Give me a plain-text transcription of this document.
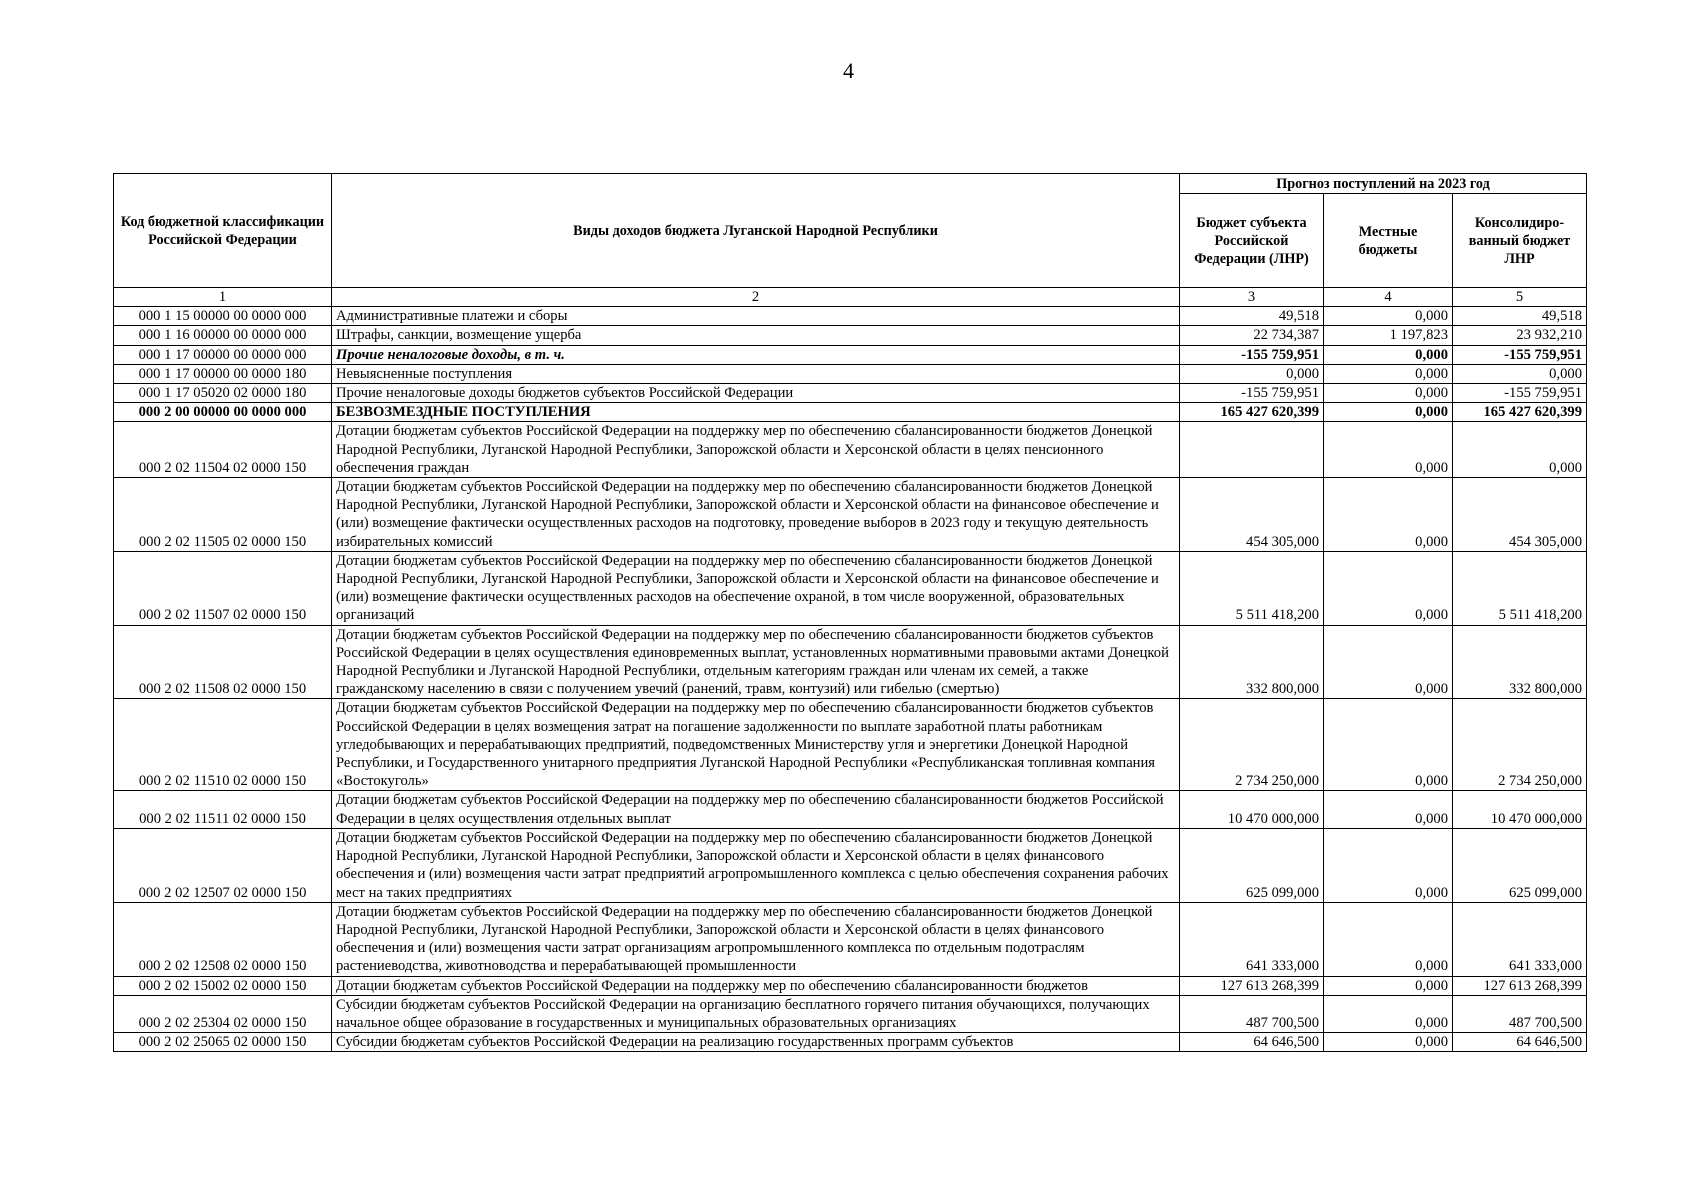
4
Код бюджетной классификации Российской Федерации	Виды доходов бюджета Луганской Народной Республики	Прогноз поступлений на 2023 год		
		Бюджет субъекта Российской Федерации (ЛНР)	Местные бюджеты	Консолидиро-ванный бюджет ЛНР
1	2	3	4	5
000 1 15 00000 00 0000 000	Административные платежи и сборы	49,518	0,000	49,518
000 1 16 00000 00 0000 000	Штрафы, санкции, возмещение ущерба	22 734,387	1 197,823	23 932,210
000 1 17 00000 00 0000 000	Прочие неналоговые доходы, в т. ч.	-155 759,951	0,000	-155 759,951
000 1 17 00000 00 0000 180	Невыясненные поступления	0,000	0,000	0,000
000 1 17 05020 02 0000 180	Прочие неналоговые доходы бюджетов субъектов Российской Федерации	-155 759,951	0,000	-155 759,951
000 2 00 00000 00 0000 000	БЕЗВОЗМЕЗДНЫЕ ПОСТУПЛЕНИЯ	165 427 620,399	0,000	165 427 620,399
000 2 02 11504 02 0000 150	Дотации бюджетам субъектов Российской Федерации на поддержку мер по обеспечению сбалансированности бюджетов Донецкой Народной Республики, Луганской Народной Республики, Запорожской области и Херсонской области в целях пенсионного обеспечения граждан		0,000	0,000
000 2 02 11505 02 0000 150	Дотации бюджетам субъектов Российской Федерации на поддержку мер по обеспечению сбалансированности бюджетов Донецкой Народной Республики, Луганской Народной Республики, Запорожской области и Херсонской области на финансовое обеспечение и (или) возмещение фактически осуществленных расходов на подготовку, проведение выборов в 2023 году и текущую деятельность избирательных комиссий	454 305,000	0,000	454 305,000
000 2 02 11507 02 0000 150	Дотации бюджетам субъектов Российской Федерации на поддержку мер по обеспечению сбалансированности бюджетов Донецкой Народной Республики, Луганской Народной Республики, Запорожской области и Херсонской области на финансовое обеспечение и (или) возмещение фактически осуществленных расходов на обеспечение охраной, в том числе вооруженной, образовательных организаций	5 511 418,200	0,000	5 511 418,200
000 2 02 11508 02 0000 150	Дотации бюджетам субъектов Российской Федерации на поддержку мер по обеспечению сбалансированности бюджетов субъектов Российской Федерации в целях осуществления единовременных выплат, установленных нормативными правовыми актами Донецкой Народной Республики и Луганской Народной Республики, отдельным категориям граждан или членам их семей, а также гражданскому населению в связи с получением увечий (ранений, травм, контузий) или гибелью (смертью)	332 800,000	0,000	332 800,000
000 2 02 11510 02 0000 150	Дотации бюджетам субъектов Российской Федерации на поддержку мер по обеспечению сбалансированности бюджетов субъектов Российской Федерации в целях возмещения затрат на погашение задолженности по выплате заработной платы работникам угледобывающих и перерабатывающих предприятий, подведомственных Министерству угля и энергетики Донецкой Народной Республики, и Государственного унитарного предприятия Луганской Народной Республики «Республиканская топливная компания «Востокуголь»	2 734 250,000	0,000	2 734 250,000
000 2 02 11511 02 0000 150	Дотации бюджетам субъектов Российской Федерации на поддержку мер по обеспечению сбалансированности бюджетов Российской Федерации в целях осуществления отдельных выплат	10 470 000,000	0,000	10 470 000,000
000 2 02 12507 02 0000 150	Дотации бюджетам субъектов Российской Федерации на поддержку мер по обеспечению сбалансированности бюджетов Донецкой Народной Республики, Луганской Народной Республики, Запорожской области и Херсонской области в целях финансового обеспечения и (или) возмещения части затрат предприятий агропромышленного комплекса с целью обеспечения сохранения рабочих мест на таких предприятиях	625 099,000	0,000	625 099,000
000 2 02 12508 02 0000 150	Дотации бюджетам субъектов Российской Федерации на поддержку мер по обеспечению сбалансированности бюджетов Донецкой Народной Республики, Луганской Народной Республики, Запорожской области и Херсонской области в целях финансового обеспечения и (или) возмещения части затрат организациям агропромышленного комплекса по отдельным подотраслям растениеводства, животноводства и перерабатывающей промышленности	641 333,000	0,000	641 333,000
000 2 02 15002 02 0000 150	Дотации бюджетам субъектов Российской Федерации на поддержку мер по обеспечению сбалансированности бюджетов	127 613 268,399	0,000	127 613 268,399
000 2 02 25304 02 0000 150	Субсидии бюджетам субъектов Российской Федерации на организацию бесплатного горячего питания обучающихся, получающих начальное общее образование в государственных и муниципальных образовательных организациях	487 700,500	0,000	487 700,500
000 2 02 25065 02 0000 150	Субсидии бюджетам субъектов Российской Федерации на реализацию государственных программ субъектов	64 646,500	0,000	64 646,500
